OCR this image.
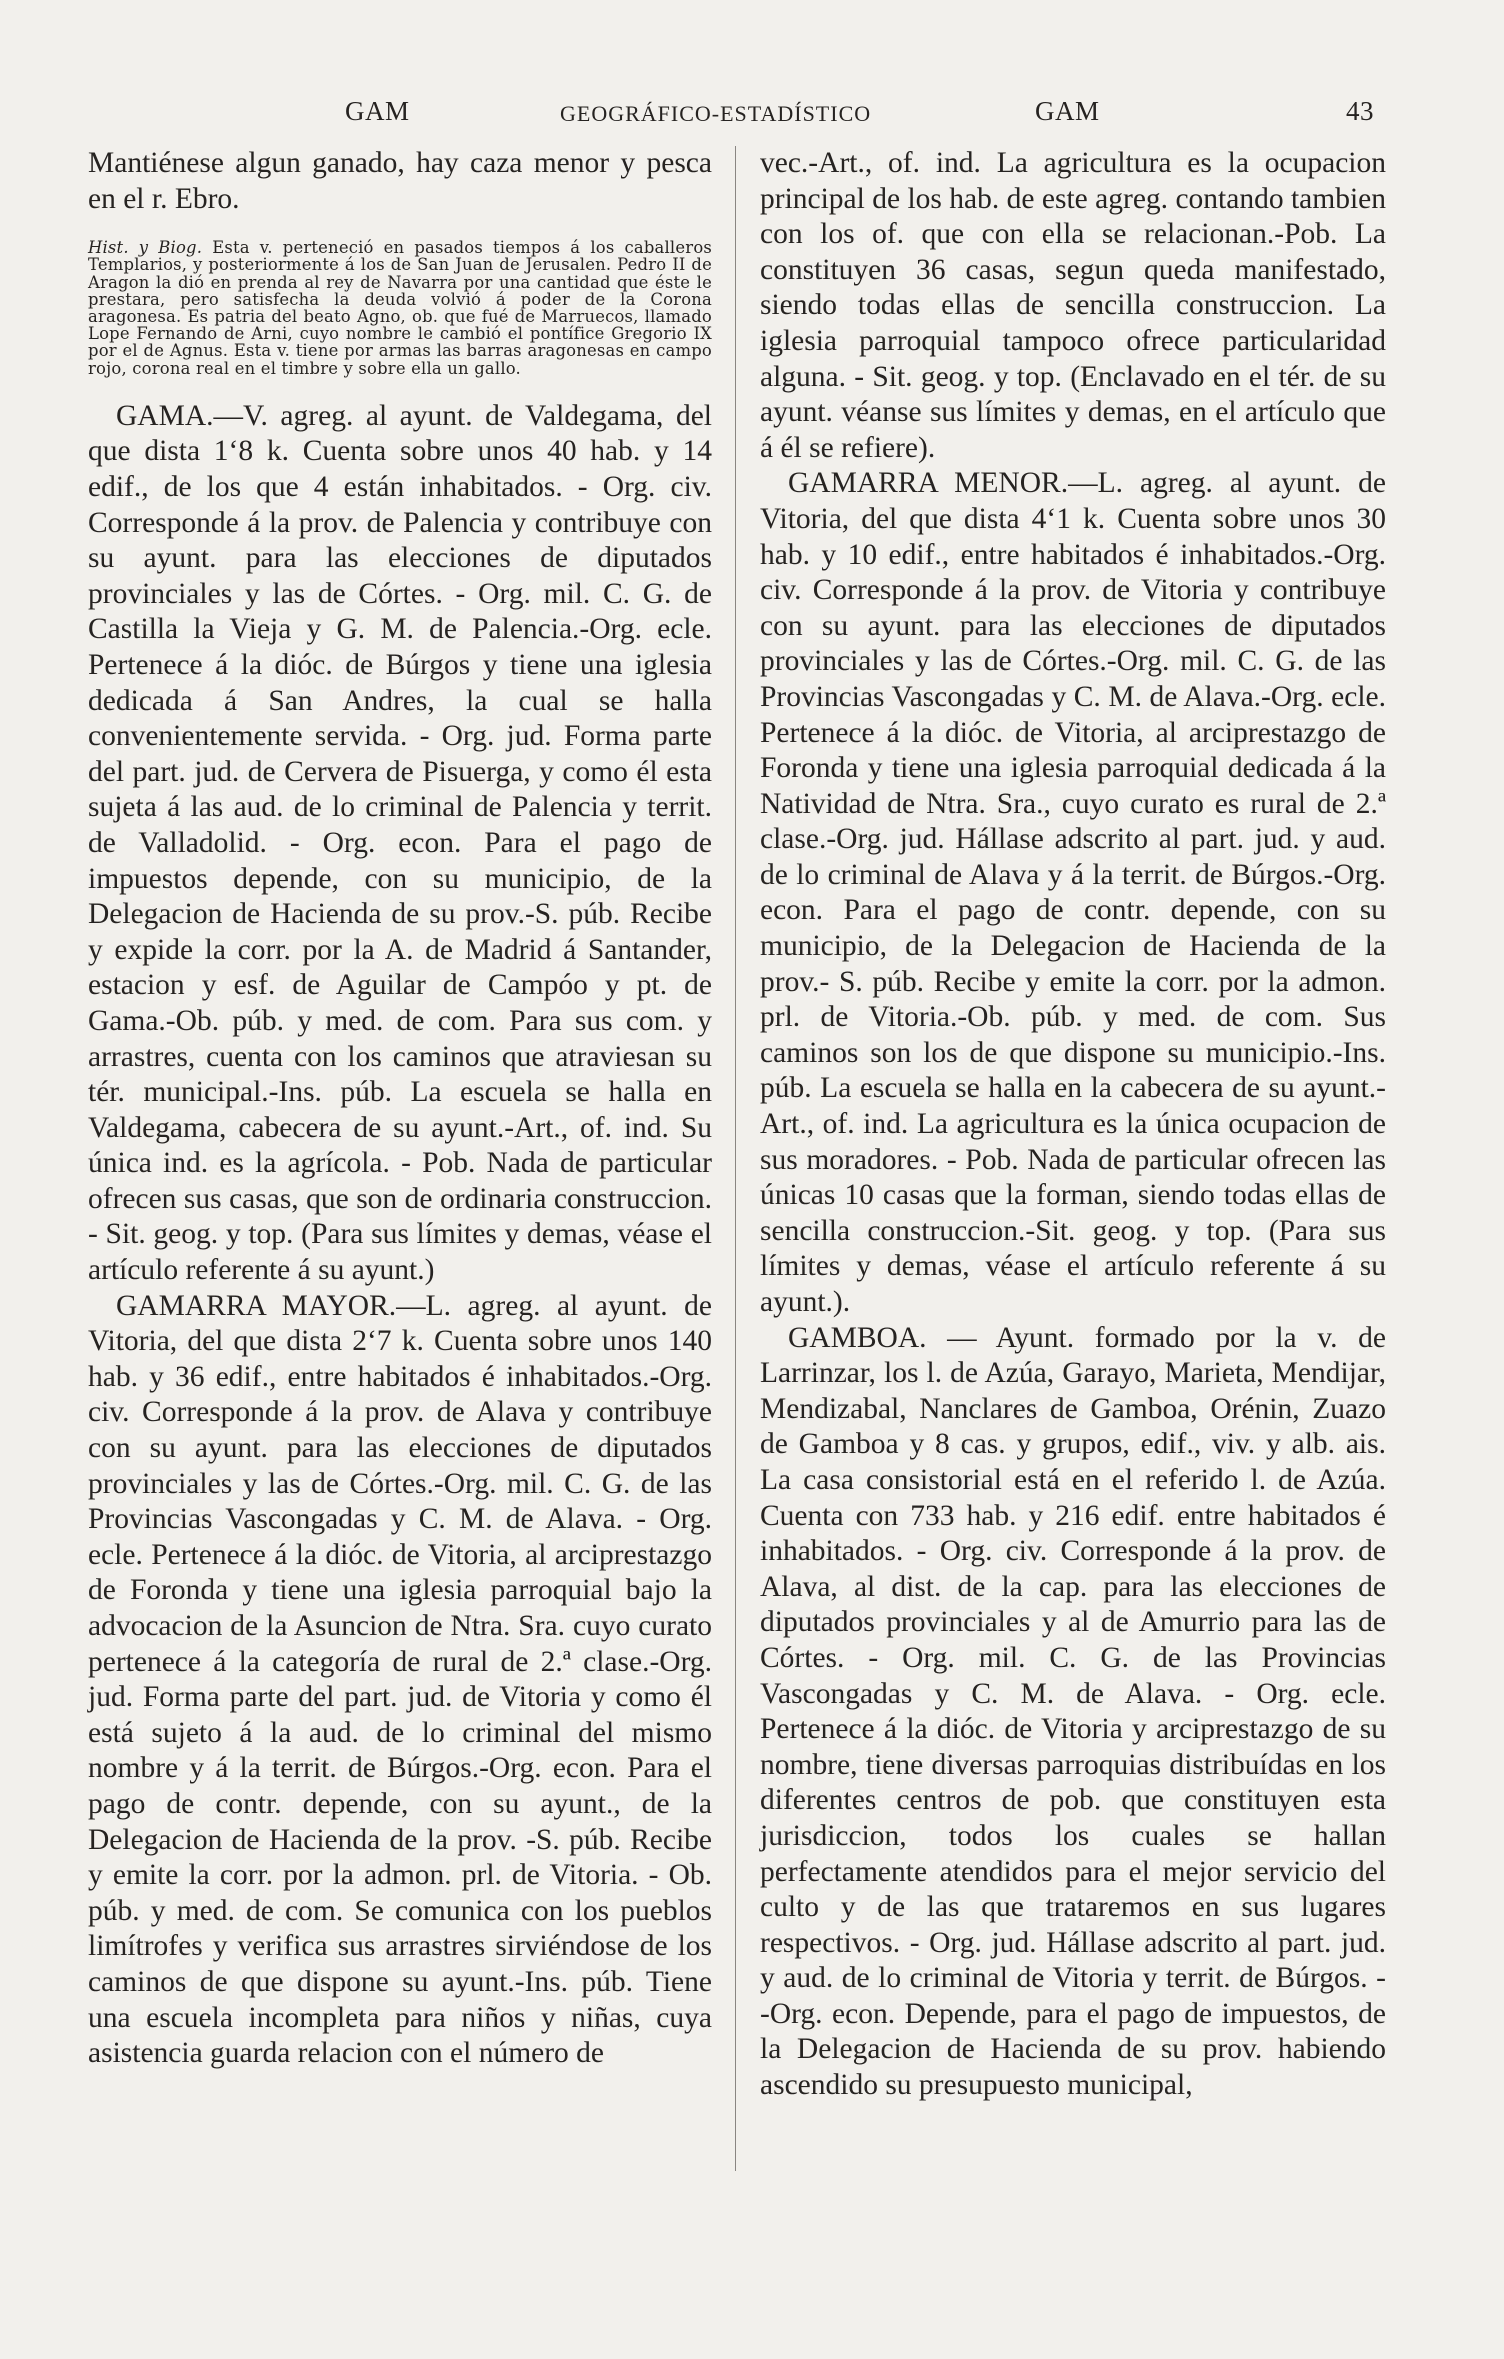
GAM	GEOGRÁFICO-ESTADÍSTICO	GAM	43

Mantiénese algun ganado, hay caza menor y pesca en el r. Ebro.

Hist. y Biog. Esta v. perteneció en pasados tiempos á los caballeros Templarios, y posteriormente á los de San Juan de Jerusalen. Pedro II de Aragon la dió en prenda al rey de Navarra por una cantidad que éste le prestara, pero satisfecha la deuda volvió á poder de la Corona aragonesa. Es patria del beato Agno, ob. que fué de Marruecos, llamado Lope Fernando de Arni, cuyo nombre le cambió el pontífice Gregorio IX por el de Agnus. Esta v. tiene por armas las barras aragonesas en campo rojo, corona real en el timbre y sobre ella un gallo.

GAMA.—V. agreg. al ayunt. de Valdegama, del que dista 1‘8 k. Cuenta sobre unos 40 hab. y 14 edif., de los que 4 están inhabitados. - Org. civ. Corresponde á la prov. de Palencia y contribuye con su ayunt. para las elecciones de diputados provinciales y las de Córtes. - Org. mil. C. G. de Castilla la Vieja y G. M. de Palencia.-Org. ecle. Pertenece á la dióc. de Búrgos y tiene una iglesia dedicada á San Andres, la cual se halla convenientemente servida. - Org. jud. Forma parte del part. jud. de Cervera de Pisuerga, y como él esta sujeta á las aud. de lo criminal de Palencia y territ. de Valladolid. - Org. econ. Para el pago de impuestos depende, con su municipio, de la Delegacion de Hacienda de su prov.-S. púb. Recibe y expide la corr. por la A. de Madrid á Santander, estacion y esf. de Aguilar de Campóo y pt. de Gama.-Ob. púb. y med. de com. Para sus com. y arrastres, cuenta con los caminos que atraviesan su tér. municipal.-Ins. púb. La escuela se halla en Valdegama, cabecera de su ayunt.-Art., of. ind. Su única ind. es la agrícola. - Pob. Nada de particular ofrecen sus casas, que son de ordinaria construccion. - Sit. geog. y top. (Para sus límites y demas, véase el artículo referente á su ayunt.)

GAMARRA MAYOR.—L. agreg. al ayunt. de Vitoria, del que dista 2‘7 k. Cuenta sobre unos 140 hab. y 36 edif., entre habitados é inhabitados.-Org. civ. Corresponde á la prov. de Alava y contribuye con su ayunt. para las elecciones de diputados provinciales y las de Córtes.-Org. mil. C. G. de las Provincias Vascongadas y C. M. de Alava. - Org. ecle. Pertenece á la dióc. de Vitoria, al arciprestazgo de Foronda y tiene una iglesia parroquial bajo la advocacion de la Asuncion de Ntra. Sra. cuyo curato pertenece á la categoría de rural de 2.ª clase.-Org. jud. Forma parte del part. jud. de Vitoria y como él está sujeto á la aud. de lo criminal del mismo nombre y á la territ. de Búrgos.-Org. econ. Para el pago de contr. depende, con su ayunt., de la Delegacion de Hacienda de la prov. -S. púb. Recibe y emite la corr. por la admon. prl. de Vitoria. - Ob. púb. y med. de com. Se comunica con los pueblos limítrofes y verifica sus arrastres sirviéndose de los caminos de que dispone su ayunt.-Ins. púb. Tiene una escuela incompleta para niños y niñas, cuya asistencia guarda relacion con el número de

vec.-Art., of. ind. La agricultura es la ocupacion principal de los hab. de este agreg. contando tambien con los of. que con ella se relacionan.-Pob. La constituyen 36 casas, segun queda manifestado, siendo todas ellas de sencilla construccion. La iglesia parroquial tampoco ofrece particularidad alguna. - Sit. geog. y top. (Enclavado en el tér. de su ayunt. véanse sus límites y demas, en el artículo que á él se refiere).

GAMARRA MENOR.—L. agreg. al ayunt. de Vitoria, del que dista 4‘1 k. Cuenta sobre unos 30 hab. y 10 edif., entre habitados é inhabitados.-Org. civ. Corresponde á la prov. de Vitoria y contribuye con su ayunt. para las elecciones de diputados provinciales y las de Córtes.-Org. mil. C. G. de las Provincias Vascongadas y C. M. de Alava.-Org. ecle. Pertenece á la dióc. de Vitoria, al arciprestazgo de Foronda y tiene una iglesia parroquial dedicada á la Natividad de Ntra. Sra., cuyo curato es rural de 2.ª clase.-Org. jud. Hállase adscrito al part. jud. y aud. de lo criminal de Alava y á la territ. de Búrgos.-Org. econ. Para el pago de contr. depende, con su municipio, de la Delegacion de Hacienda de la prov.- S. púb. Recibe y emite la corr. por la admon. prl. de Vitoria.-Ob. púb. y med. de com. Sus caminos son los de que dispone su municipio.-Ins. púb. La escuela se halla en la cabecera de su ayunt.-Art., of. ind. La agricultura es la única ocupacion de sus moradores. - Pob. Nada de particular ofrecen las únicas 10 casas que la forman, siendo todas ellas de sencilla construccion.-Sit. geog. y top. (Para sus límites y demas, véase el artículo referente á su ayunt.).

GAMBOA. — Ayunt. formado por la v. de Larrinzar, los l. de Azúa, Garayo, Marieta, Mendijar, Mendizabal, Nanclares de Gamboa, Orénin, Zuazo de Gamboa y 8 cas. y grupos, edif., viv. y alb. ais. La casa consistorial está en el referido l. de Azúa. Cuenta con 733 hab. y 216 edif. entre habitados é inhabitados. - Org. civ. Corresponde á la prov. de Alava, al dist. de la cap. para las elecciones de diputados provinciales y al de Amurrio para las de Córtes. - Org. mil. C. G. de las Provincias Vascongadas y C. M. de Alava. - Org. ecle. Pertenece á la dióc. de Vitoria y arciprestazgo de su nombre, tiene diversas parroquias distribuídas en los diferentes centros de pob. que constituyen esta jurisdiccion, todos los cuales se hallan perfectamente atendidos para el mejor servicio del culto y de las que trataremos en sus lugares respectivos. - Org. jud. Hállase adscrito al part. jud. y aud. de lo criminal de Vitoria y territ. de Búrgos. - -Org. econ. Depende, para el pago de impuestos, de la Delegacion de Hacienda de su prov. habiendo ascendido su presupuesto municipal,
